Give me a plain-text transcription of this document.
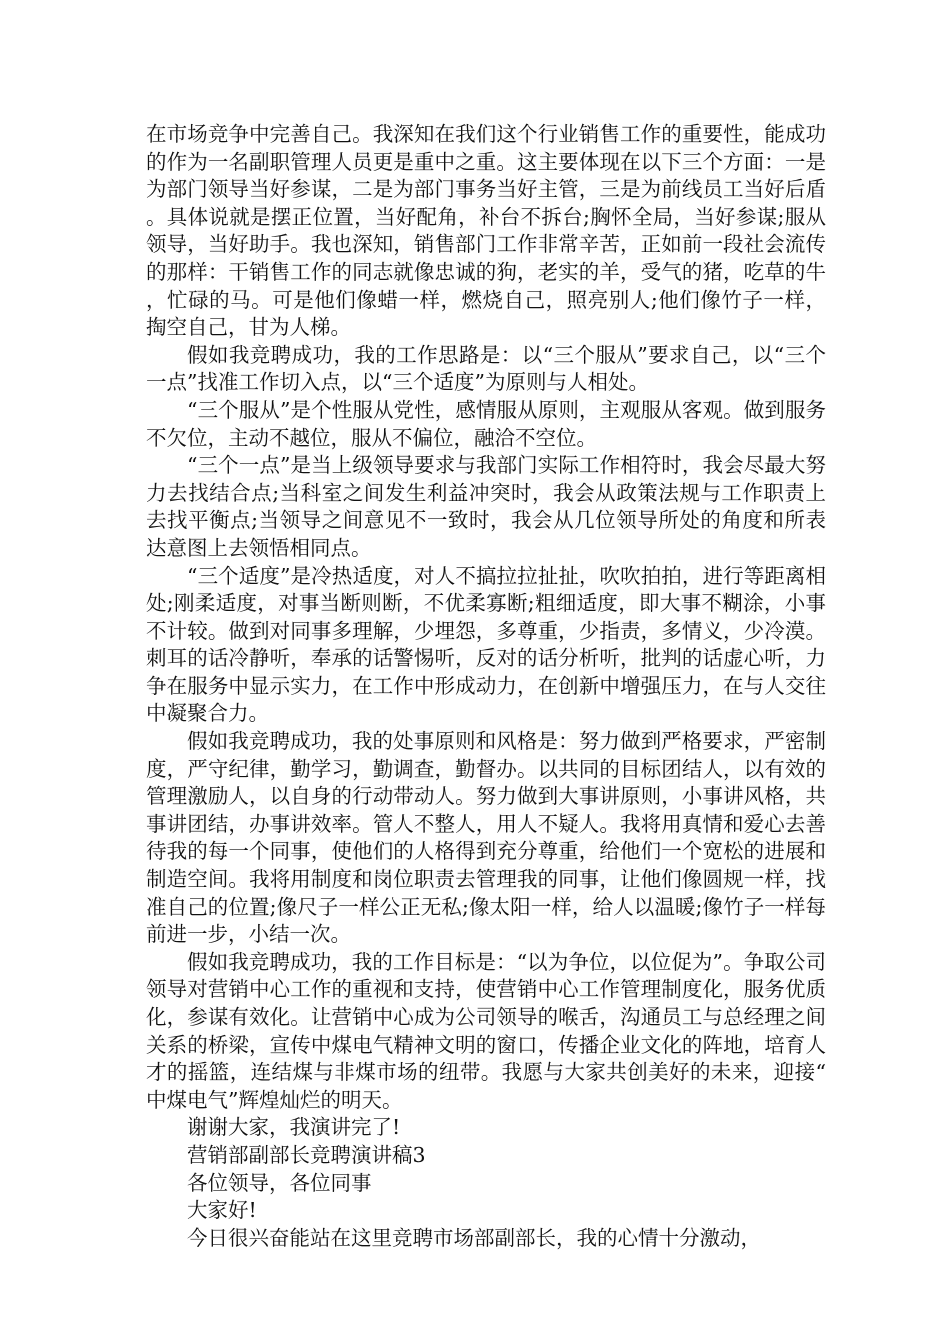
在市场竞争中完善自己。我深知在我们这个行业销售工作的重要性，能成功的作为一名副职管理人员更是重中之重。这主要体现在以下三个方面：一是为部门领导当好参谋，二是为部门事务当好主管，三是为前线员工当好后盾。具体说就是摆正位置，当好配角，补台不拆台;胸怀全局，当好参谋;服从领导，当好助手。我也深知，销售部门工作非常辛苦，正如前一段社会流传的那样：干销售工作的同志就像忠诚的狗，老实的羊，受气的猪，吃草的牛，忙碌的马。可是他们像蜡一样，燃烧自己，照亮别人;他们像竹子一样，掏空自己，甘为人梯。

假如我竞聘成功，我的工作思路是：以“三个服从”要求自己，以“三个一点”找准工作切入点，以“三个适度”为原则与人相处。

“三个服从”是个性服从党性，感情服从原则，主观服从客观。做到服务不欠位，主动不越位，服从不偏位，融洽不空位。

“三个一点”是当上级领导要求与我部门实际工作相符时，我会尽最大努力去找结合点;当科室之间发生利益冲突时，我会从政策法规与工作职责上去找平衡点;当领导之间意见不一致时，我会从几位领导所处的角度和所表达意图上去领悟相同点。

“三个适度”是冷热适度，对人不搞拉拉扯扯，吹吹拍拍，进行等距离相处;刚柔适度，对事当断则断，不优柔寡断;粗细适度，即大事不糊涂，小事不计较。做到对同事多理解，少埋怨，多尊重，少指责，多情义，少冷漠。刺耳的话冷静听，奉承的话警惕听，反对的话分析听，批判的话虚心听，力争在服务中显示实力，在工作中形成动力，在创新中增强压力，在与人交往中凝聚合力。

假如我竞聘成功，我的处事原则和风格是：努力做到严格要求，严密制度，严守纪律，勤学习，勤调查，勤督办。以共同的目标团结人，以有效的管理激励人，以自身的行动带动人。努力做到大事讲原则，小事讲风格，共事讲团结，办事讲效率。管人不整人，用人不疑人。我将用真情和爱心去善待我的每一个同事，使他们的人格得到充分尊重，给他们一个宽松的进展和制造空间。我将用制度和岗位职责去管理我的同事，让他们像圆规一样，找准自己的位置;像尺子一样公正无私;像太阳一样，给人以温暖;像竹子一样每前进一步，小结一次。

假如我竞聘成功，我的工作目标是：“以为争位，以位促为”。争取公司领导对营销中心工作的重视和支持，使营销中心工作管理制度化，服务优质化，参谋有效化。让营销中心成为公司领导的喉舌，沟通员工与总经理之间关系的桥梁，宣传中煤电气精神文明的窗口，传播企业文化的阵地，培育人才的摇篮，连结煤与非煤市场的纽带。我愿与大家共创美好的未来，迎接“中煤电气”辉煌灿烂的明天。

谢谢大家，我演讲完了!

营销部副部长竞聘演讲稿3

各位领导，各位同事

大家好!

今日很兴奋能站在这里竞聘市场部副部长，我的心情十分激动，
